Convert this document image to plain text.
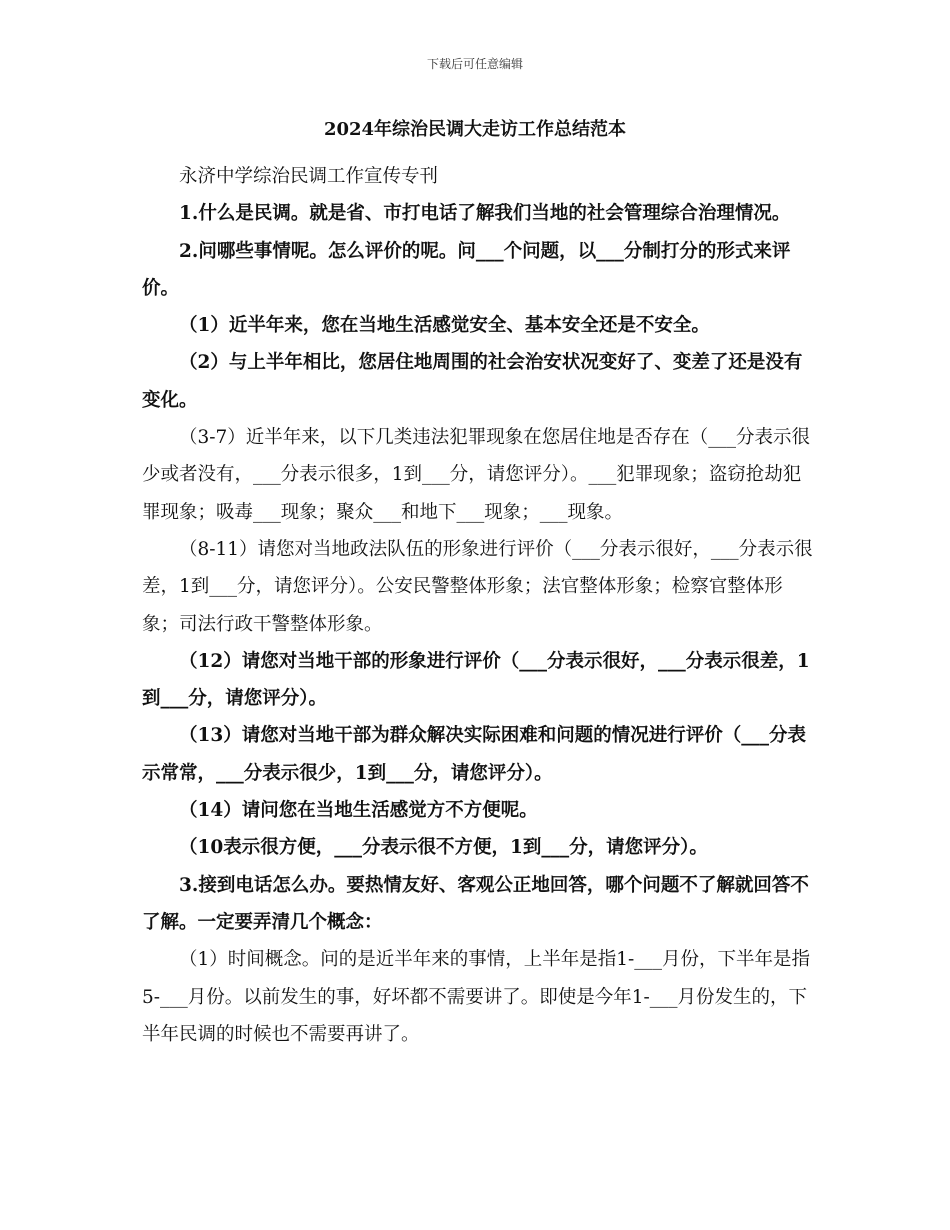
下载后可任意编辑
2024年综治民调大走访工作总结范本

永济中学综治民调工作宣传专刊

1.什么是民调。就是省、市打电话了解我们当地的社会管理综合治理情况。

2.问哪些事情呢。怎么评价的呢。问___个问题，以___分制打分的形式来评价。

（1）近半年来，您在当地生活感觉安全、基本安全还是不安全。

（2）与上半年相比，您居住地周围的社会治安状况变好了、变差了还是没有变化。

（3-7）近半年来，以下几类违法犯罪现象在您居住地是否存在（___分表示很少或者没有，___分表示很多，1到___分，请您评分）。___犯罪现象；盗窃抢劫犯罪现象；吸毒___现象；聚众___和地下___现象；___现象。

（8-11）请您对当地政法队伍的形象进行评价（___分表示很好，___分表示很差，1到___分，请您评分）。公安民警整体形象；法官整体形象；检察官整体形象；司法行政干警整体形象。

（12）请您对当地干部的形象进行评价（___分表示很好，___分表示很差，1到___分，请您评分）。

（13）请您对当地干部为群众解决实际困难和问题的情况进行评价（___分表示常常，___分表示很少，1到___分，请您评分）。

（14）请问您在当地生活感觉方不方便呢。

（10表示很方便，___分表示很不方便，1到___分，请您评分）。

3.接到电话怎么办。要热情友好、客观公正地回答，哪个问题不了解就回答不了解。一定要弄清几个概念：

（1）时间概念。问的是近半年来的事情，上半年是指1-___月份，下半年是指5-___月份。以前发生的事，好坏都不需要讲了。即使是今年1-___月份发生的，下半年民调的时候也不需要再讲了。
